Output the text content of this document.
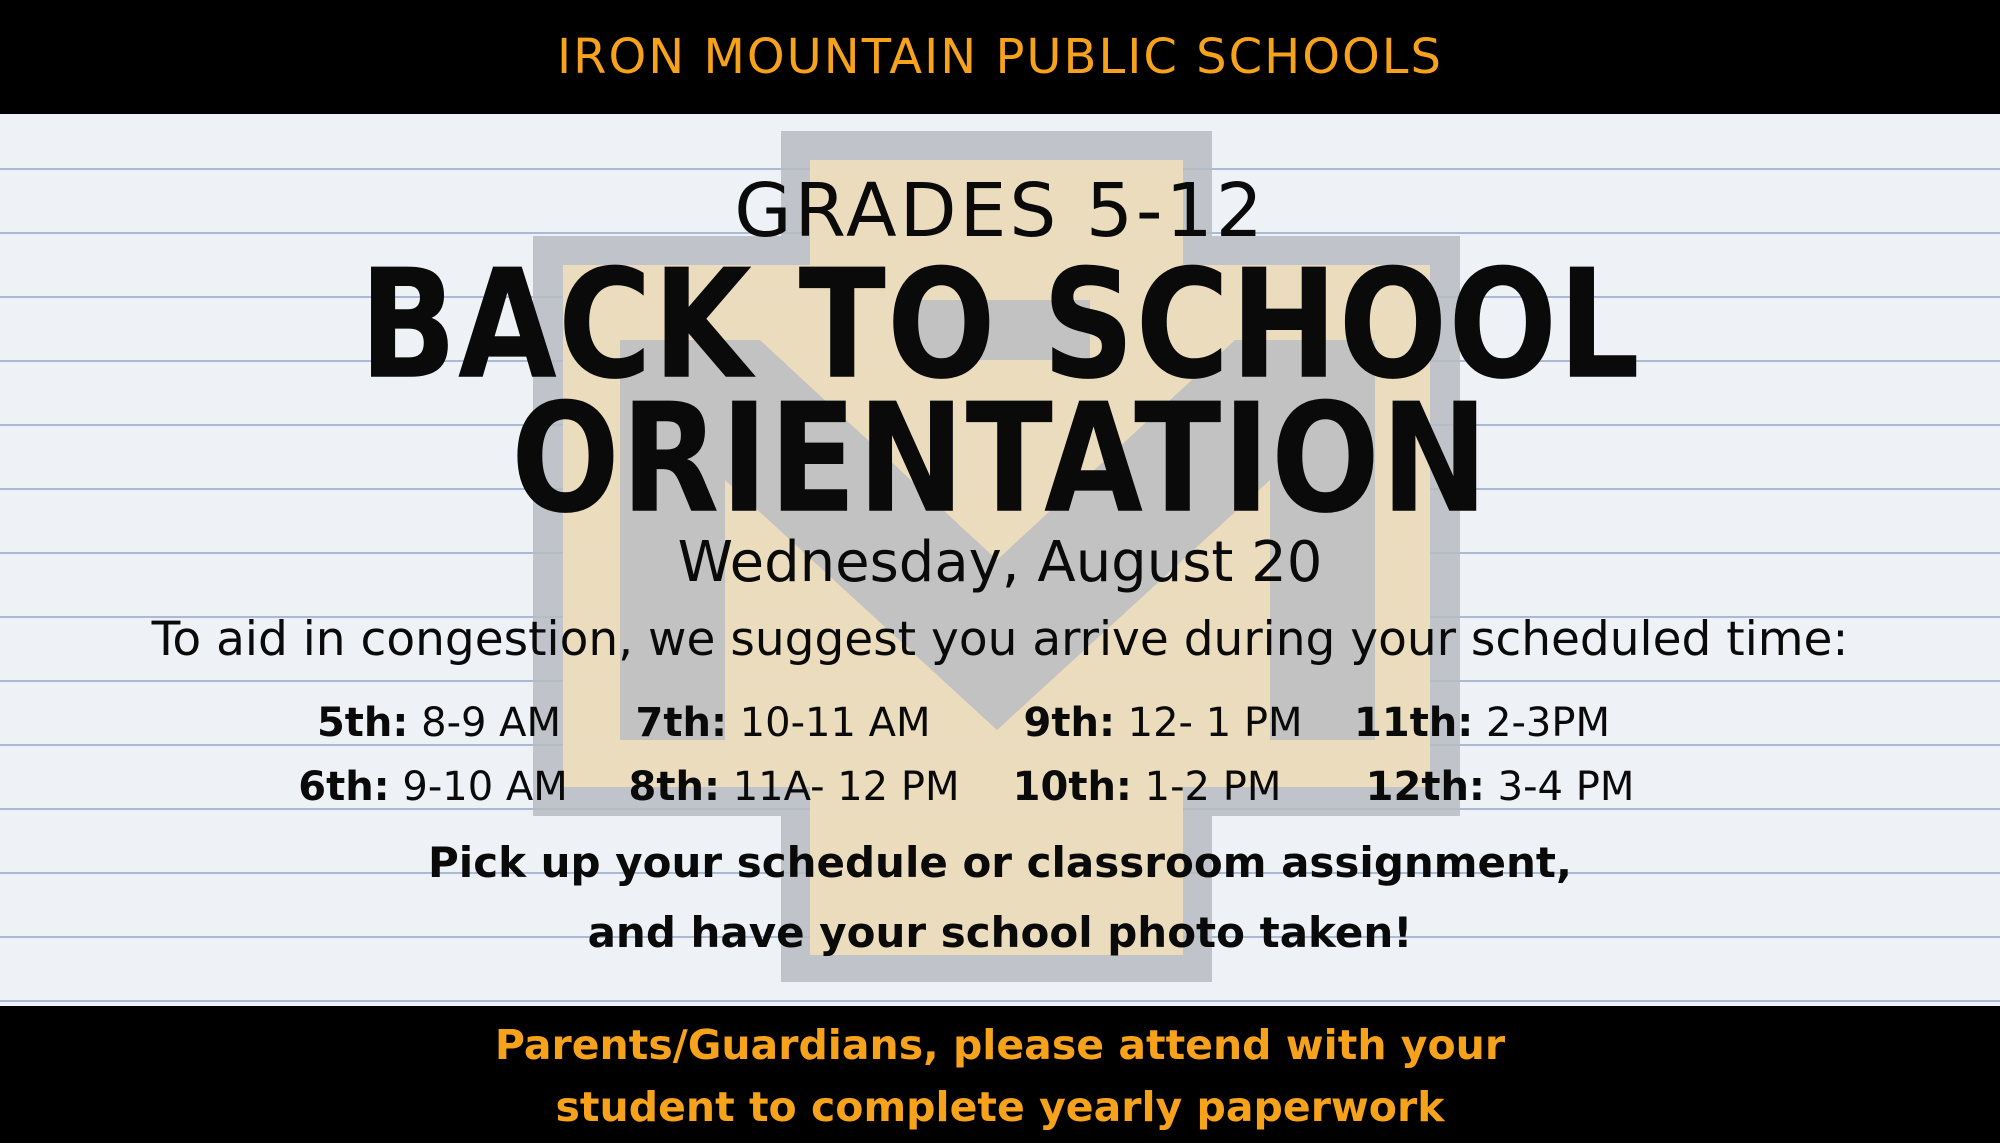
IRON MOUNTAIN PUBLIC SCHOOLS
GRADES 5-12
BACK TO SCHOOL
ORIENTATION
Wednesday, August 20
To aid in congestion, we suggest you arrive during your scheduled time:
5th: 8-9 AM
6th: 9-10 AM
7th: 10-11 AM
8th: 11A- 12 PM
9th: 12- 1 PM
10th: 1-2 PM
11th: 2-3PM
12th: 3-4 PM
Pick up your schedule or classroom assignment,
and have your school photo taken!
Parents/Guardians, please attend with your
student to complete yearly paperwork
